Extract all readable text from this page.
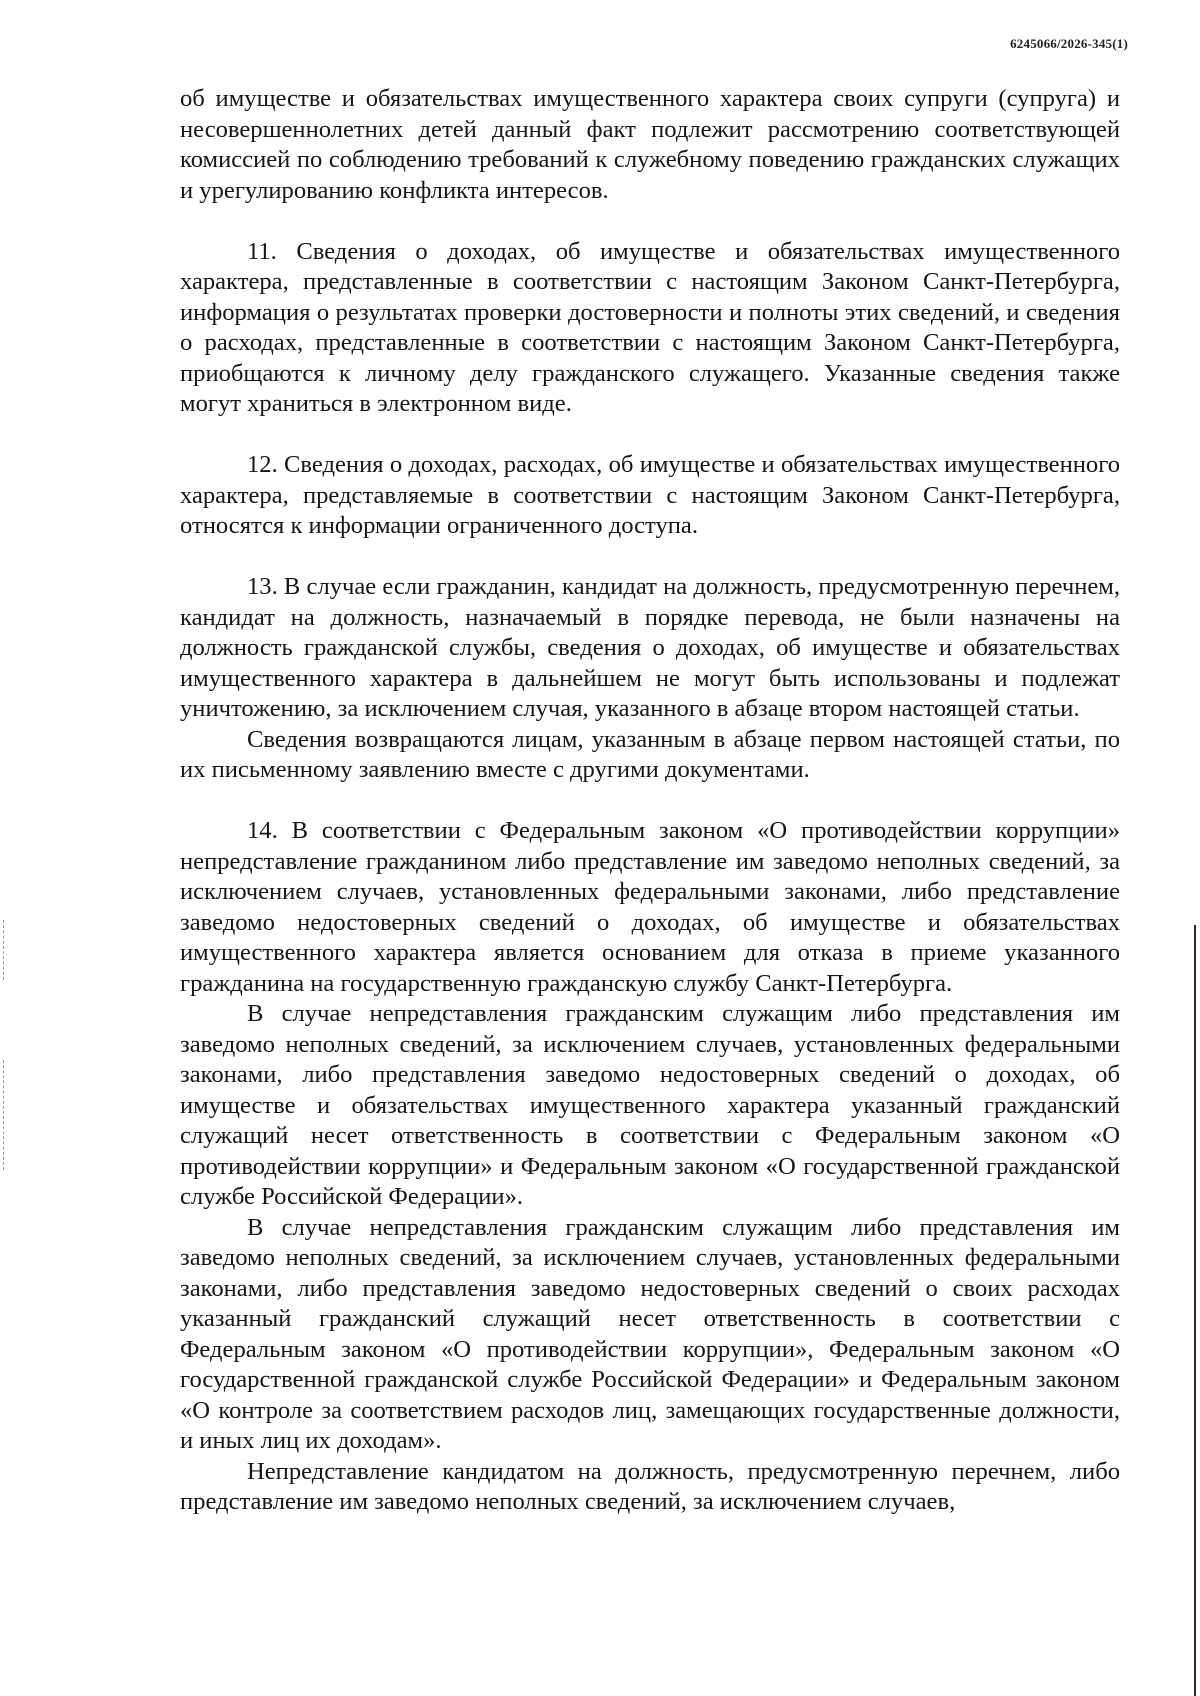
6245066/2026-345(1)

об имуществе и обязательствах имущественного характера своих супруги (супруга) и несовершеннолетних детей данный факт подлежит рассмотрению соответствующей комиссией по соблюдению требований к служебному поведению гражданских служащих и урегулированию конфликта интересов.

11. Сведения о доходах, об имуществе и обязательствах имущественного характера, представленные в соответствии с настоящим Законом Санкт-Петербурга, информация о результатах проверки достоверности и полноты этих сведений, и сведения о расходах, представленные в соответствии с настоящим Законом Санкт-Петербурга, приобщаются к личному делу гражданского служащего. Указанные сведения также могут храниться в электронном виде.

12. Сведения о доходах, расходах, об имуществе и обязательствах имущественного характера, представляемые в соответствии с настоящим Законом Санкт-Петербурга, относятся к информации ограниченного доступа.

13. В случае если гражданин, кандидат на должность, предусмотренную перечнем, кандидат на должность, назначаемый в порядке перевода, не были назначены на должность гражданской службы, сведения о доходах, об имуществе и обязательствах имущественного характера в дальнейшем не могут быть использованы и подлежат уничтожению, за исключением случая, указанного в абзаце втором настоящей статьи.

Сведения возвращаются лицам, указанным в абзаце первом настоящей статьи, по их письменному заявлению вместе с другими документами.

14. В соответствии с Федеральным законом «О противодействии коррупции» непредставление гражданином либо представление им заведомо неполных сведений, за исключением случаев, установленных федеральными законами, либо представление заведомо недостоверных сведений о доходах, об имуществе и обязательствах имущественного характера является основанием для отказа в приеме указанного гражданина на государственную гражданскую службу Санкт-Петербурга.

В случае непредставления гражданским служащим либо представления им заведомо неполных сведений, за исключением случаев, установленных федеральными законами, либо представления заведомо недостоверных сведений о доходах, об имуществе и обязательствах имущественного характера указанный гражданский служащий несет ответственность в соответствии с Федеральным законом «О противодействии коррупции» и Федеральным законом «О государственной гражданской службе Российской Федерации».

В случае непредставления гражданским служащим либо представления им заведомо неполных сведений, за исключением случаев, установленных федеральными законами, либо представления заведомо недостоверных сведений о своих расходах указанный гражданский служащий несет ответственность в соответствии с Федеральным законом «О противодействии коррупции», Федеральным законом «О государственной гражданской службе Российской Федерации» и Федеральным законом «О контроле за соответствием расходов лиц, замещающих государственные должности, и иных лиц их доходам».

Непредставление кандидатом на должность, предусмотренную перечнем, либо представление им заведомо неполных сведений, за исключением случаев,
